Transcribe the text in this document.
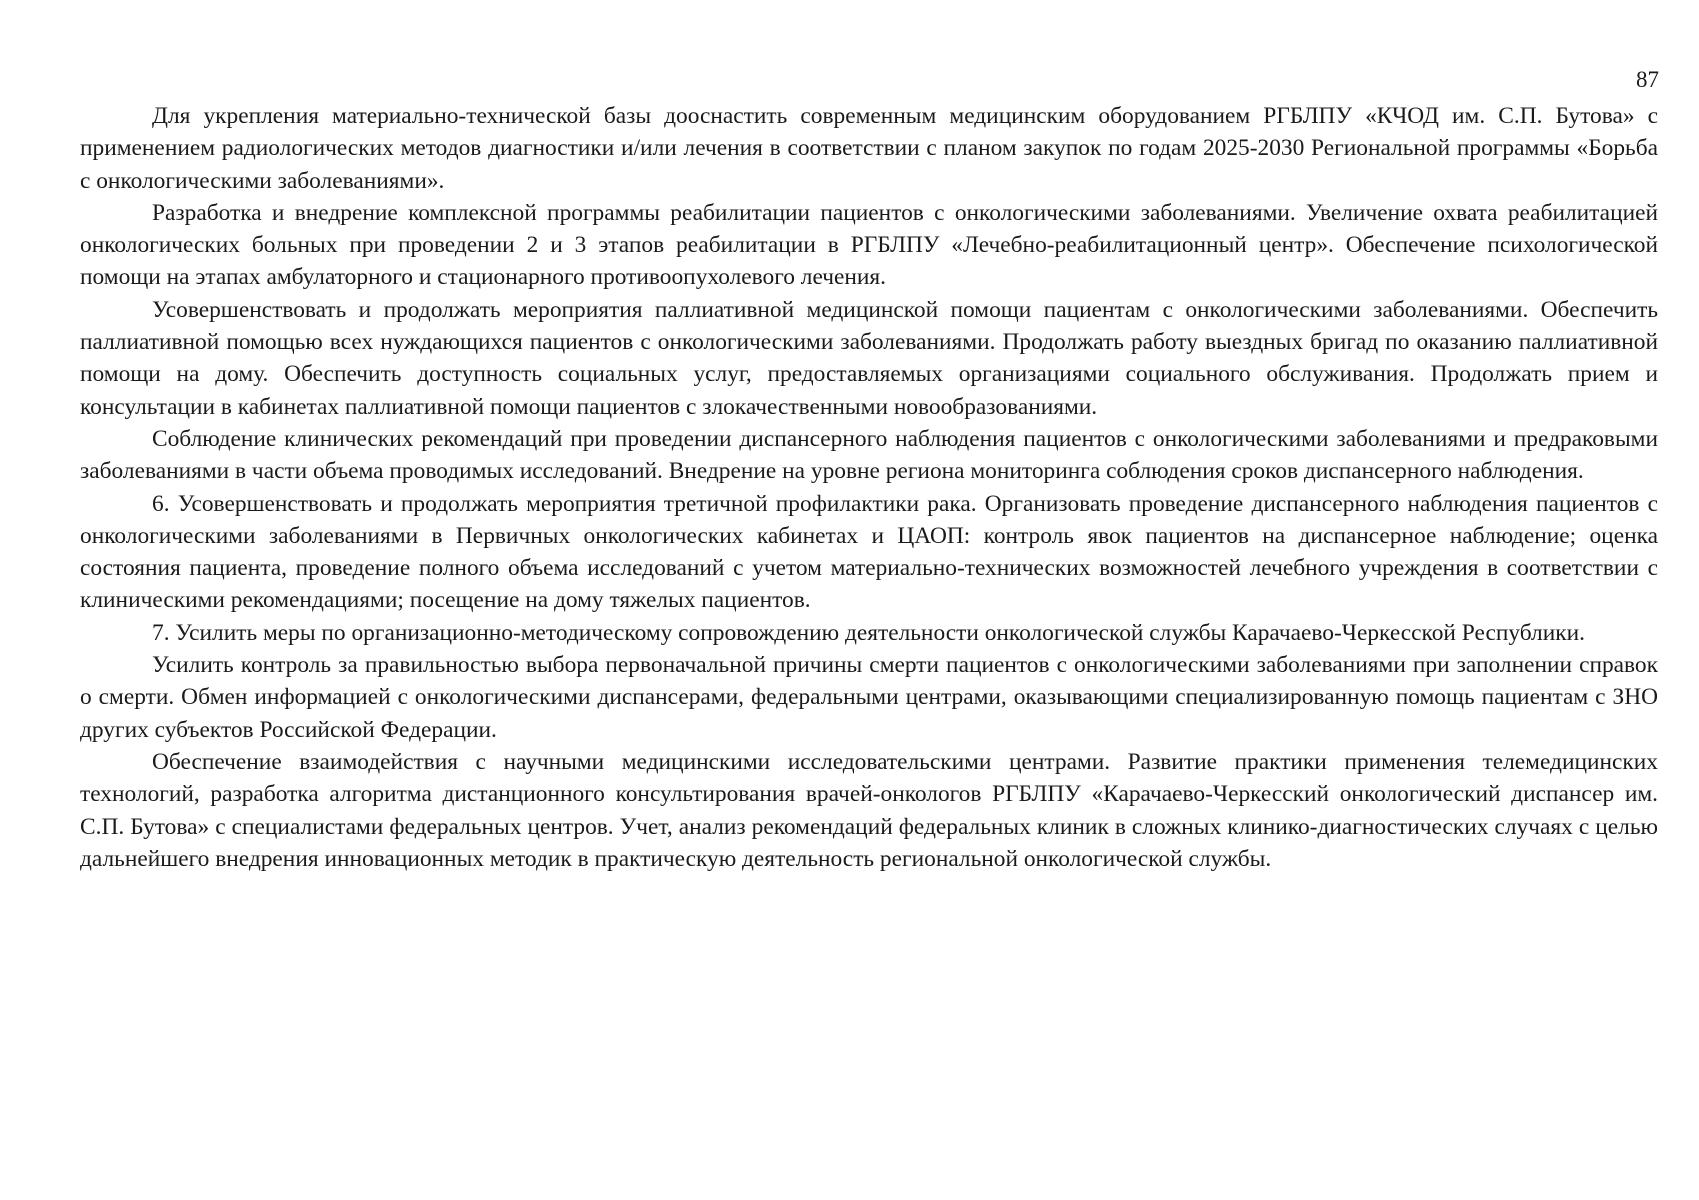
87

Для укрепления материально-технической базы дооснастить современным медицинским оборудованием РГБЛПУ «КЧОД им. С.П. Бутова» с применением радиологических методов диагностики и/или лечения в соответствии с планом закупок по годам 2025-2030 Региональной программы «Борьба с онкологическими заболеваниями».

Разработка и внедрение комплексной программы реабилитации пациентов с онкологическими заболеваниями. Увеличение охвата реабилитацией онкологических больных при проведении 2 и 3 этапов реабилитации в РГБЛПУ «Лечебно-реабилитационный центр». Обеспечение психологической помощи на этапах амбулаторного и стационарного противоопухолевого лечения.

Усовершенствовать и продолжать мероприятия паллиативной медицинской помощи пациентам с онкологическими заболеваниями. Обеспечить паллиативной помощью всех нуждающихся пациентов с онкологическими заболеваниями. Продолжать работу выездных бригад по оказанию паллиативной помощи на дому. Обеспечить доступность социальных услуг, предоставляемых организациями социального обслуживания. Продолжать прием и консультации в кабинетах паллиативной помощи пациентов с злокачественными новообразованиями.

Соблюдение клинических рекомендаций при проведении диспансерного наблюдения пациентов с онкологическими заболеваниями и предраковыми заболеваниями в части объема проводимых исследований. Внедрение на уровне региона мониторинга соблюдения сроков диспансерного наблюдения.

6. Усовершенствовать и продолжать мероприятия третичной профилактики рака. Организовать проведение диспансерного наблюдения пациентов с онкологическими заболеваниями в Первичных онкологических кабинетах и ЦАОП: контроль явок пациентов на диспансерное наблюдение; оценка состояния пациента, проведение полного объема исследований с учетом материально-технических возможностей лечебного учреждения в соответствии с клиническими рекомендациями; посещение на дому тяжелых пациентов.

7. Усилить меры по организационно-методическому сопровождению деятельности онкологической службы Карачаево-Черкесской Республики.

Усилить контроль за правильностью выбора первоначальной причины смерти пациентов с онкологическими заболеваниями при заполнении справок о смерти. Обмен информацией с онкологическими диспансерами, федеральными центрами, оказывающими специализированную помощь пациентам с ЗНО других субъектов Российской Федерации.

Обеспечение взаимодействия с научными медицинскими исследовательскими центрами. Развитие практики применения телемедицинских технологий, разработка алгоритма дистанционного консультирования врачей-онкологов РГБЛПУ «Карачаево-Черкесский онкологический диспансер им. С.П. Бутова» с специалистами федеральных центров. Учет, анализ рекомендаций федеральных клиник в сложных клинико-диагностических случаях с целью дальнейшего внедрения инновационных методик в практическую деятельность региональной онкологической службы.
